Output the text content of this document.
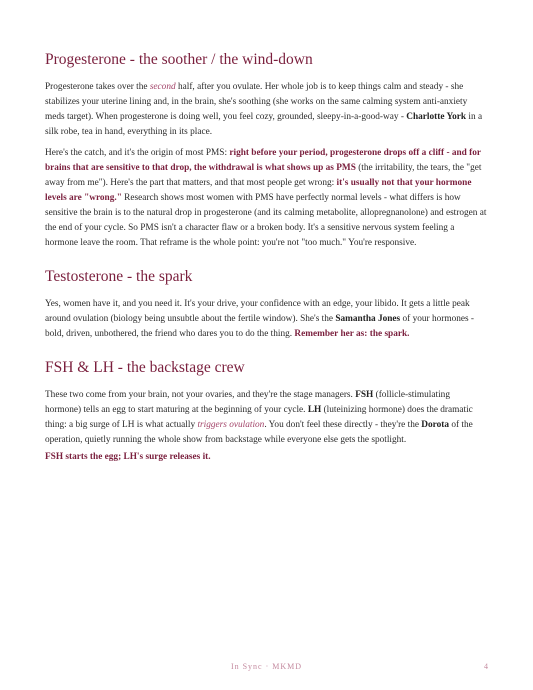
Progesterone - the soother / the wind-down

Progesterone takes over the second half, after you ovulate. Her whole job is to keep things calm and steady - she stabilizes your uterine lining and, in the brain, she's soothing (she works on the same calming system anti-anxiety meds target). When progesterone is doing well, you feel cozy, grounded, sleepy-in-a-good-way - Charlotte York in a silk robe, tea in hand, everything in its place.

Here's the catch, and it's the origin of most PMS: right before your period, progesterone drops off a cliff - and for brains that are sensitive to that drop, the withdrawal is what shows up as PMS (the irritability, the tears, the "get away from me"). Here's the part that matters, and that most people get wrong: it's usually not that your hormone levels are "wrong." Research shows most women with PMS have perfectly normal levels - what differs is how sensitive the brain is to the natural drop in progesterone (and its calming metabolite, allopregnanolone) and estrogen at the end of your cycle. So PMS isn't a character flaw or a broken body. It's a sensitive nervous system feeling a hormone leave the room. That reframe is the whole point: you're not "too much." You're responsive.

Testosterone - the spark

Yes, women have it, and you need it. It's your drive, your confidence with an edge, your libido. It gets a little peak around ovulation (biology being unsubtle about the fertile window). She's the Samantha Jones of your hormones - bold, driven, unbothered, the friend who dares you to do the thing. Remember her as: the spark.

FSH & LH - the backstage crew

These two come from your brain, not your ovaries, and they're the stage managers. FSH (follicle-stimulating hormone) tells an egg to start maturing at the beginning of your cycle. LH (luteinizing hormone) does the dramatic thing: a big surge of LH is what actually triggers ovulation. You don't feel these directly - they're the Dorota of the operation, quietly running the whole show from backstage while everyone else gets the spotlight.

FSH starts the egg; LH's surge releases it.

In Sync · MKMD	4
